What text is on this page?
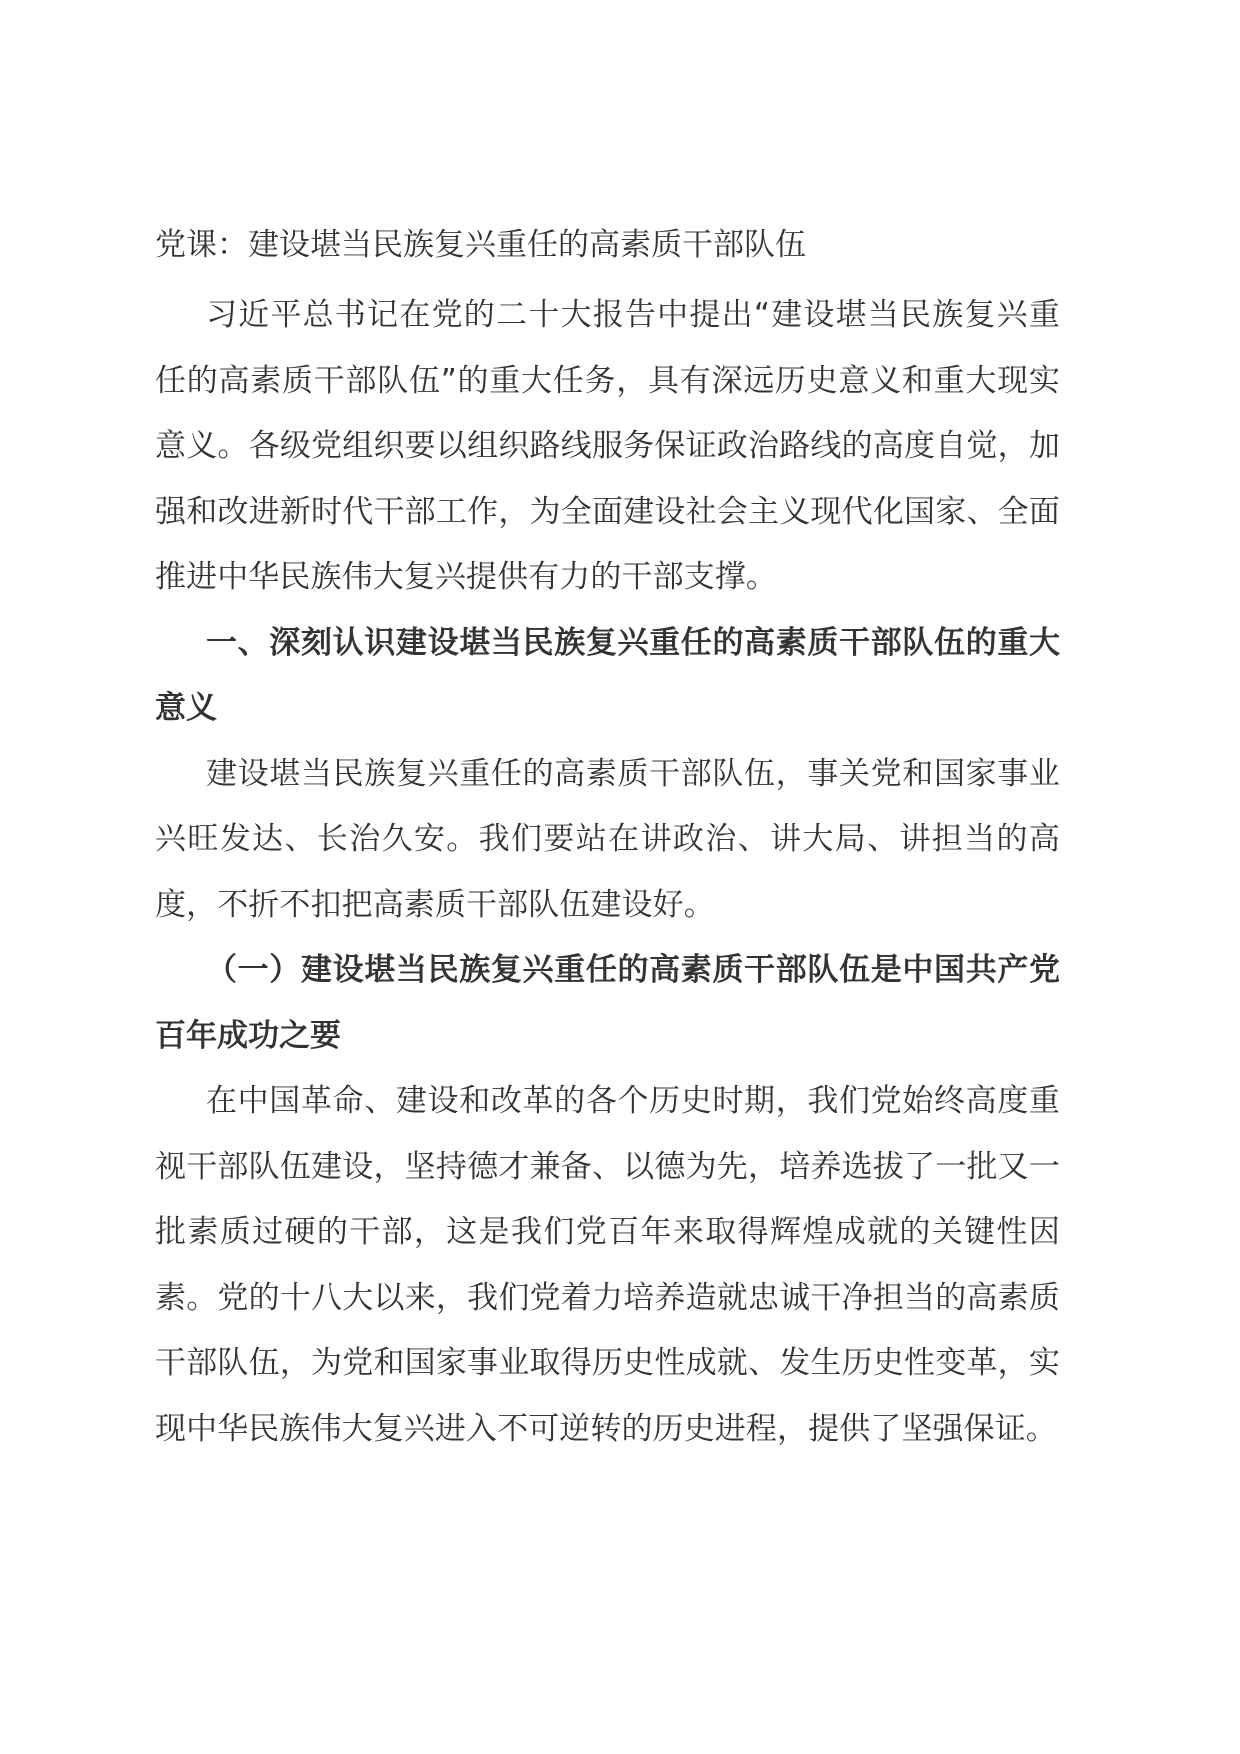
党课：建设堪当民族复兴重任的高素质干部队伍

习近平总书记在党的二十大报告中提出“建设堪当民族复兴重任的高素质干部队伍”的重大任务，具有深远历史意义和重大现实意义。各级党组织要以组织路线服务保证政治路线的高度自觉，加强和改进新时代干部工作，为全面建设社会主义现代化国家、全面推进中华民族伟大复兴提供有力的干部支撑。

一、深刻认识建设堪当民族复兴重任的高素质干部队伍的重大意义

建设堪当民族复兴重任的高素质干部队伍，事关党和国家事业兴旺发达、长治久安。我们要站在讲政治、讲大局、讲担当的高度，不折不扣把高素质干部队伍建设好。

（一）建设堪当民族复兴重任的高素质干部队伍是中国共产党百年成功之要

在中国革命、建设和改革的各个历史时期，我们党始终高度重视干部队伍建设，坚持德才兼备、以德为先，培养选拔了一批又一批素质过硬的干部，这是我们党百年来取得辉煌成就的关键性因素。党的十八大以来，我们党着力培养造就忠诚干净担当的高素质干部队伍，为党和国家事业取得历史性成就、发生历史性变革，实现中华民族伟大复兴进入不可逆转的历史进程，提供了坚强保证。
